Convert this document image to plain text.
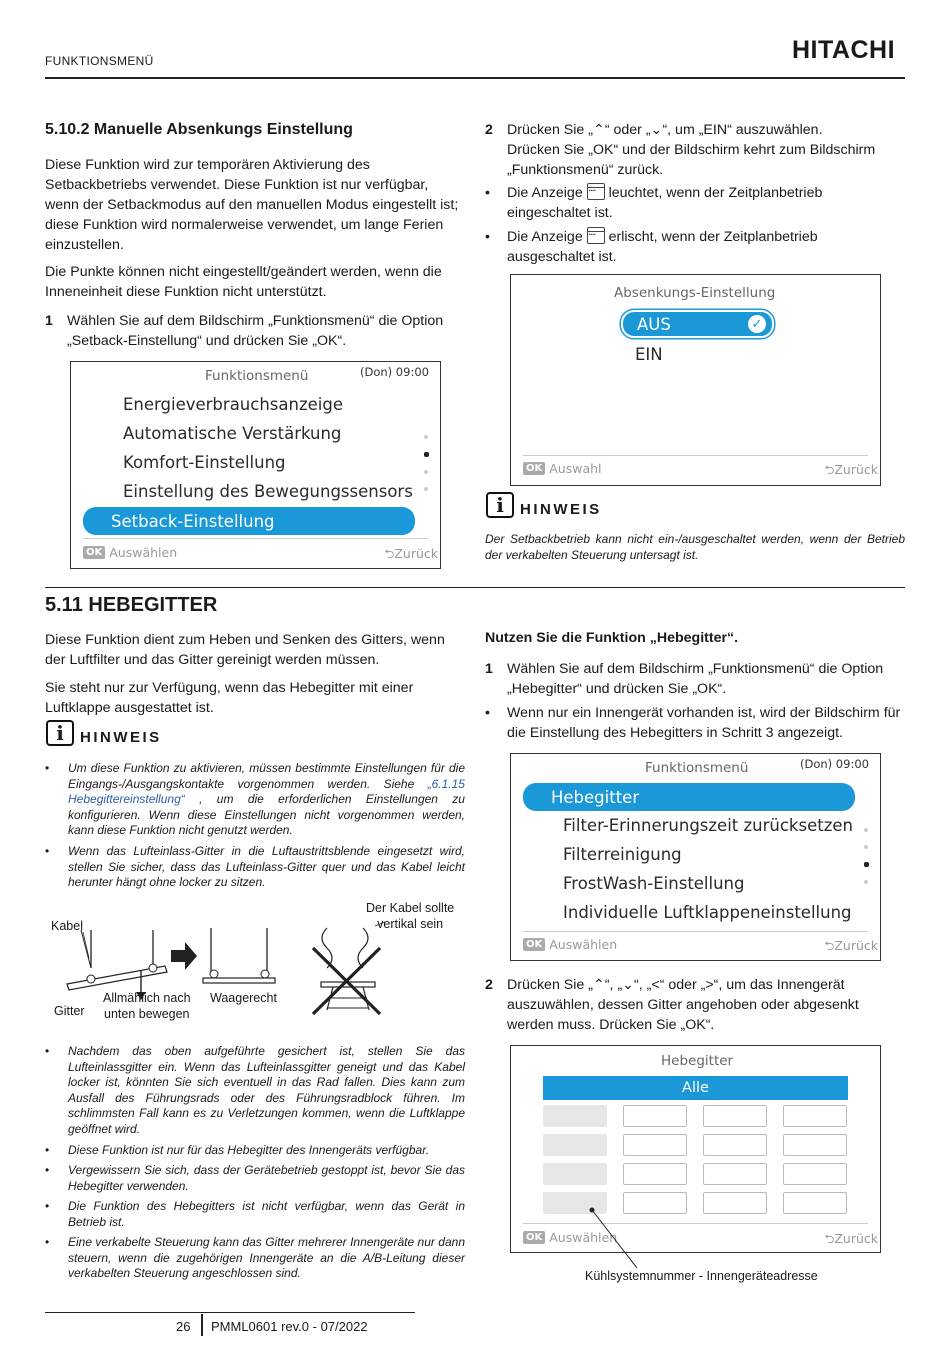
FUNKTIONSMENÜ	HITACHI
5.10.2 Manuelle Absenkungs Einstellung

Diese Funktion wird zur temporären Aktivierung des Setbackbetriebs verwendet. Diese Funktion ist nur verfügbar, wenn der Setbackmodus auf den manuellen Modus eingestellt ist; diese Funktion wird normalerweise verwendet, um lange Ferien einzustellen.

Die Punkte können nicht eingestellt/geändert werden, wenn die Inneneinheit diese Funktion nicht unterstützt.

1 Wählen Sie auf dem Bildschirm „Funktionsmenü“ die Option „Setback-Einstellung“ und drücken Sie „OK“.
Funktionsmenü	(Don) 09:00
Energieverbrauchsanzeige
Automatische Verstärkung
Komfort-Einstellung
Einstellung des Bewegungssensors
Setback-Einstellung
OK Auswählen	⮌Zurück
2 Drücken Sie „⌃“ oder „⌄“, um „EIN“ auszuwählen.
Drücken Sie „OK“ und der Bildschirm kehrt zum Bildschirm „Funktionsmenü“ zurück.
•	Die Anzeige ▪▪▪▪ leuchtet, wenn der Zeitplanbetrieb eingeschaltet ist.
•	Die Anzeige ▪▪▪▪ erlischt, wenn der Zeitplanbetrieb ausgeschaltet ist.
Absenkungs-Einstellung
AUS	✓
EIN
OK Auswahl	⮌Zurück
i	HINWEIS

Der Setbackbetrieb kann nicht ein-/ausgeschaltet werden, wenn der Betrieb der verkabelten Steuerung untersagt ist.

5.11 HEBEGITTER

Diese Funktion dient zum Heben und Senken des Gitters, wenn der Luftfilter und das Gitter gereinigt werden müssen.

Sie steht nur zur Verfügung, wenn das Hebegitter mit einer Luftklappe ausgestattet ist.

i	HINWEIS
•	Um diese Funktion zu aktivieren, müssen bestimmte Einstellungen für die Eingangs-/Ausgangskontakte vorgenommen werden. Siehe „6.1.15 Hebegittereinstellung“ , um die erforderlichen Einstellungen zu konfigurieren. Wenn diese Einstellungen nicht vorgenommen werden, kann diese Funktion nicht genutzt werden.
•	Wenn das Lufteinlass-Gitter in die Luftaustrittsblende eingesetzt wird, stellen Sie sicher, dass das Lufteinlass-Gitter quer und das Kabel leicht herunter hängt ohne locker zu sitzen.
Kabel
Gitter
Allmählich nach
unten bewegen
Waagerecht
Der Kabel sollte
vertikal sein
•	Nachdem das oben aufgeführte gesichert ist, stellen Sie das Lufteinlassgitter ein. Wenn das Lufteinlassgitter geneigt und das Kabel locker ist, könnten Sie sich eventuell in das Rad fallen. Dies kann zum Ausfall des Führungsrads oder des Führungsradblock führen. Im schlimmsten Fall kann es zu Verletzungen kommen, wenn die Luftklappe geöffnet wird.
•	Diese Funktion ist nur für das Hebegitter des Innengeräts verfügbar.
•	Vergewissern Sie sich, dass der Gerätebetrieb gestoppt ist, bevor Sie das Hebegitter verwenden.
•	Die Funktion des Hebegitters ist nicht verfügbar, wenn das Gerät in Betrieb ist.
•	Eine verkabelte Steuerung kann das Gitter mehrerer Innengeräte nur dann steuern, wenn die zugehörigen Innengeräte an die A/B-Leitung dieser verkabelten Steuerung angeschlossen sind.
Nutzen Sie die Funktion „Hebegitter“.
1 Wählen Sie auf dem Bildschirm „Funktionsmenü“ die Option „Hebegitter“ und drücken Sie „OK“.
•	Wenn nur ein Innengerät vorhanden ist, wird der Bildschirm für die Einstellung des Hebegitters in Schritt 3 angezeigt.
Funktionsmenü	(Don) 09:00
Hebegitter
Filter-Erinnerungszeit zurücksetzen
Filterreinigung
FrostWash-Einstellung
Individuelle Luftklappeneinstellung
OK Auswählen	⮌Zurück
2 Drücken Sie „⌃“, „⌄“, „<“ oder „>“, um das Innengerät auszuwählen, dessen Gitter angehoben oder abgesenkt werden muss. Drücken Sie „OK“.
Hebegitter
Alle
OK Auswählen	⮌Zurück
Kühlsystemnummer - Innengeräteadresse
26 PMML0601 rev.0 - 07/2022
